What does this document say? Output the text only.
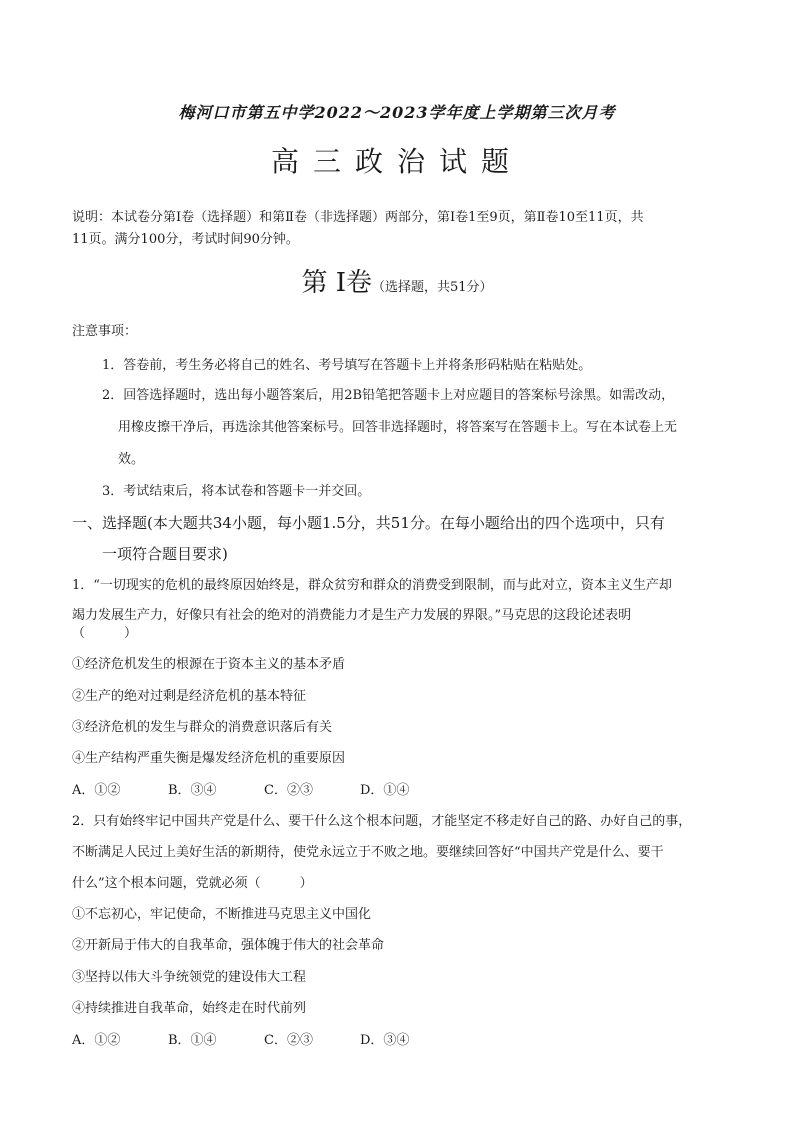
梅河口市第五中学2022～2023学年度上学期第三次月考
高三政治试题
说明：本试卷分第Ⅰ卷（选择题）和第Ⅱ卷（非选择题）两部分，第Ⅰ卷1至9页，第Ⅱ卷10至11页，共
11页。满分100分，考试时间90分钟。
第 Ⅰ卷（选择题，共51分）
注意事项：
1．答卷前，考生务必将自己的姓名、考号填写在答题卡上并将条形码粘贴在粘贴处。
2．回答选择题时，选出每小题答案后，用2B铅笔把答题卡上对应题目的答案标号涂黑。如需改动，
用橡皮擦干净后，再选涂其他答案标号。回答非选择题时，将答案写在答题卡上。写在本试卷上无
效。
3．考试结束后，将本试卷和答题卡一并交回。
一、选择题(本大题共34小题，每小题1.5分，共51分。在每小题给出的四个选项中，只有
一项符合题目要求)
1．“一切现实的危机的最终原因始终是，群众贫穷和群众的消费受到限制，而与此对立，资本主义生产却
竭力发展生产力，好像只有社会的绝对的消费能力才是生产力发展的界限。”马克思的这段论述表明
（　　　）
①经济危机发生的根源在于资本主义的基本矛盾
②生产的绝对过剩是经济危机的基本特征
③经济危机的发生与群众的消费意识落后有关
④生产结构严重失衡是爆发经济危机的重要原因
A．①②	B．③④	C．②③	D．①④
2．只有始终牢记中国共产党是什么、要干什么这个根本问题，才能坚定不移走好自己的路、办好自己的事，
不断满足人民过上美好生活的新期待，使党永远立于不败之地。要继续回答好“中国共产党是什么、要干
什么”这个根本问题，党就必须（　　　）
①不忘初心，牢记使命，不断推进马克思主义中国化
②开新局于伟大的自我革命，强体魄于伟大的社会革命
③坚持以伟大斗争统领党的建设伟大工程
④持续推进自我革命，始终走在时代前列
A．①②	B．①④	C．②③	D．③④
